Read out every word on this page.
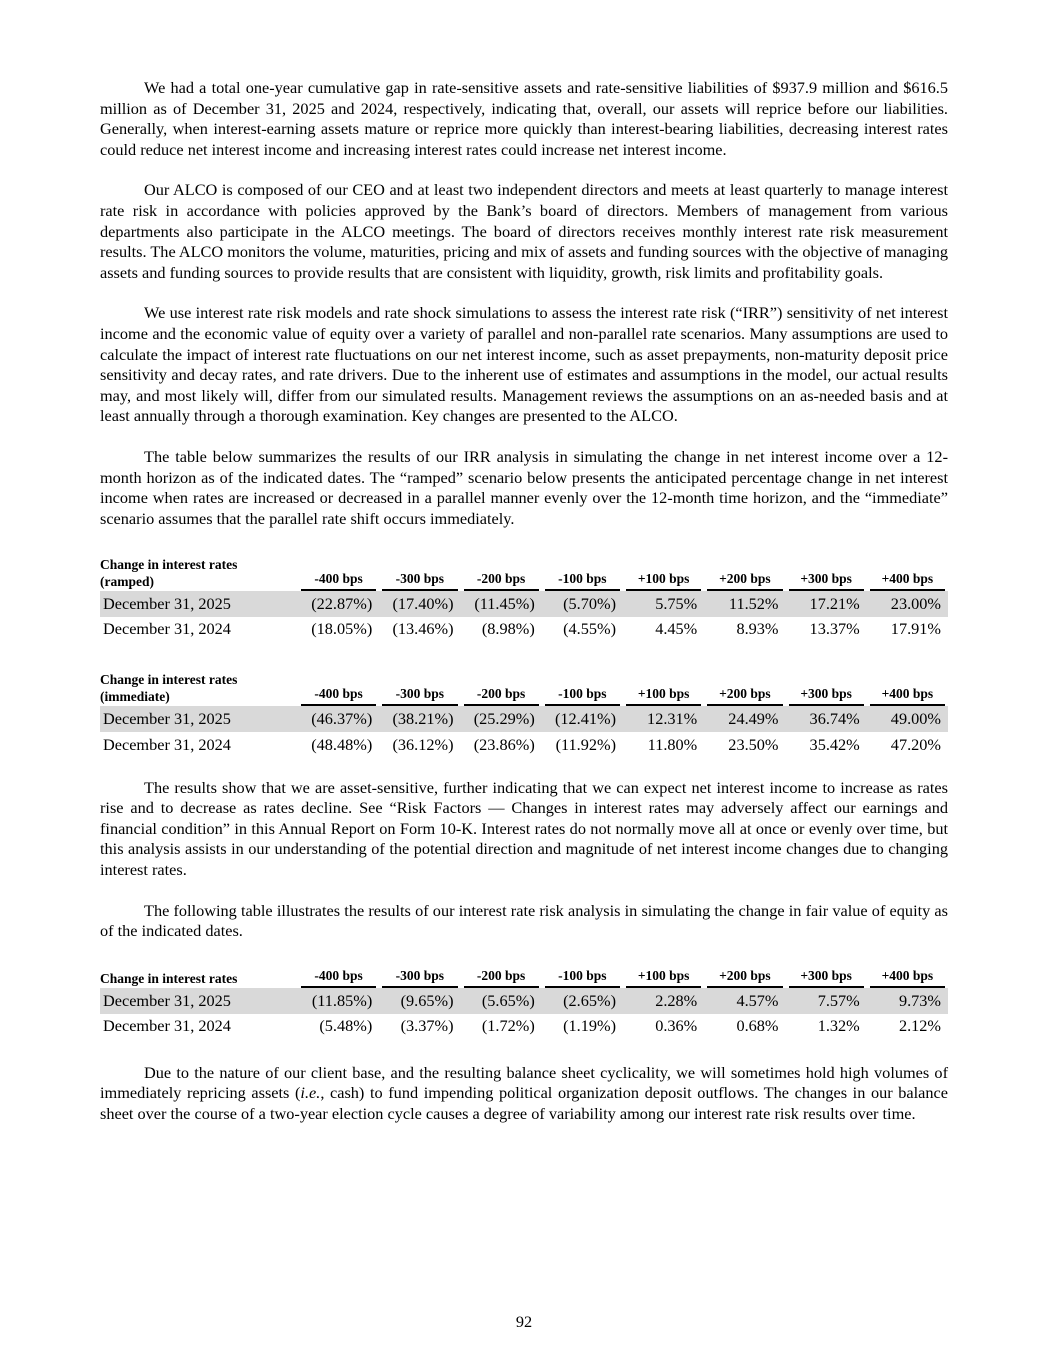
We had a total one-year cumulative gap in rate-sensitive assets and rate-sensitive liabilities of $937.9 million and $616.5 million as of December 31, 2025 and 2024, respectively, indicating that, overall, our assets will reprice before our liabilities. Generally, when interest-earning assets mature or reprice more quickly than interest-bearing liabilities, decreasing interest rates could reduce net interest income and increasing interest rates could increase net interest income.

Our ALCO is composed of our CEO and at least two independent directors and meets at least quarterly to manage interest rate risk in accordance with policies approved by the Bank’s board of directors. Members of management from various departments also participate in the ALCO meetings. The board of directors receives monthly interest rate risk measurement results. The ALCO monitors the volume, maturities, pricing and mix of assets and funding sources with the objective of managing assets and funding sources to provide results that are consistent with liquidity, growth, risk limits and profitability goals.

We use interest rate risk models and rate shock simulations to assess the interest rate risk (“IRR”) sensitivity of net interest income and the economic value of equity over a variety of parallel and non-parallel rate scenarios. Many assumptions are used to calculate the impact of interest rate fluctuations on our net interest income, such as asset prepayments, non-maturity deposit price sensitivity and decay rates, and rate drivers. Due to the inherent use of estimates and assumptions in the model, our actual results may, and most likely will, differ from our simulated results. Management reviews the assumptions on an as-needed basis and at least annually through a thorough examination. Key changes are presented to the ALCO.

The table below summarizes the results of our IRR analysis in simulating the change in net interest income over a 12-month horizon as of the indicated dates. The “ramped” scenario below presents the anticipated percentage change in net interest income when rates are increased or decreased in a parallel manner evenly over the 12-month time horizon, and the “immediate” scenario assumes that the parallel rate shift occurs immediately.

Change in interest rates
(ramped)	-400 bps	-300 bps	-200 bps	-100 bps	+100 bps	+200 bps	+300 bps	+400 bps

December 31, 2025	(22.87%)	(17.40%)	(11.45%)	(5.70%)	5.75%	11.52%	17.21%	23.00%
December 31, 2024	(18.05%)	(13.46%)	(8.98%)	(4.55%)	4.45%	8.93%	13.37%	17.91%
Change in interest rates
(immediate)	-400 bps	-300 bps	-200 bps	-100 bps	+100 bps	+200 bps	+300 bps	+400 bps

December 31, 2025	(46.37%)	(38.21%)	(25.29%)	(12.41%)	12.31%	24.49%	36.74%	49.00%
December 31, 2024	(48.48%)	(36.12%)	(23.86%)	(11.92%)	11.80%	23.50%	35.42%	47.20%

The results show that we are asset-sensitive, further indicating that we can expect net interest income to increase as rates rise and to decrease as rates decline. See “Risk Factors — Changes in interest rates may adversely affect our earnings and financial condition” in this Annual Report on Form 10-K. Interest rates do not normally move all at once or evenly over time, but this analysis assists in our understanding of the potential direction and magnitude of net interest income changes due to changing interest rates.

The following table illustrates the results of our interest rate risk analysis in simulating the change in fair value of equity as of the indicated dates.

Change in interest rates	-400 bps	-300 bps	-200 bps	-100 bps	+100 bps	+200 bps	+300 bps	+400 bps

December 31, 2025	(11.85%)	(9.65%)	(5.65%)	(2.65%)	2.28%	4.57%	7.57%	9.73%
December 31, 2024	(5.48%)	(3.37%)	(1.72%)	(1.19%)	0.36%	0.68%	1.32%	2.12%

Due to the nature of our client base, and the resulting balance sheet cyclicality, we will sometimes hold high volumes of immediately repricing assets (i.e., cash) to fund impending political organization deposit outflows. The changes in our balance sheet over the course of a two-year election cycle causes a degree of variability among our interest rate risk results over time.

92
